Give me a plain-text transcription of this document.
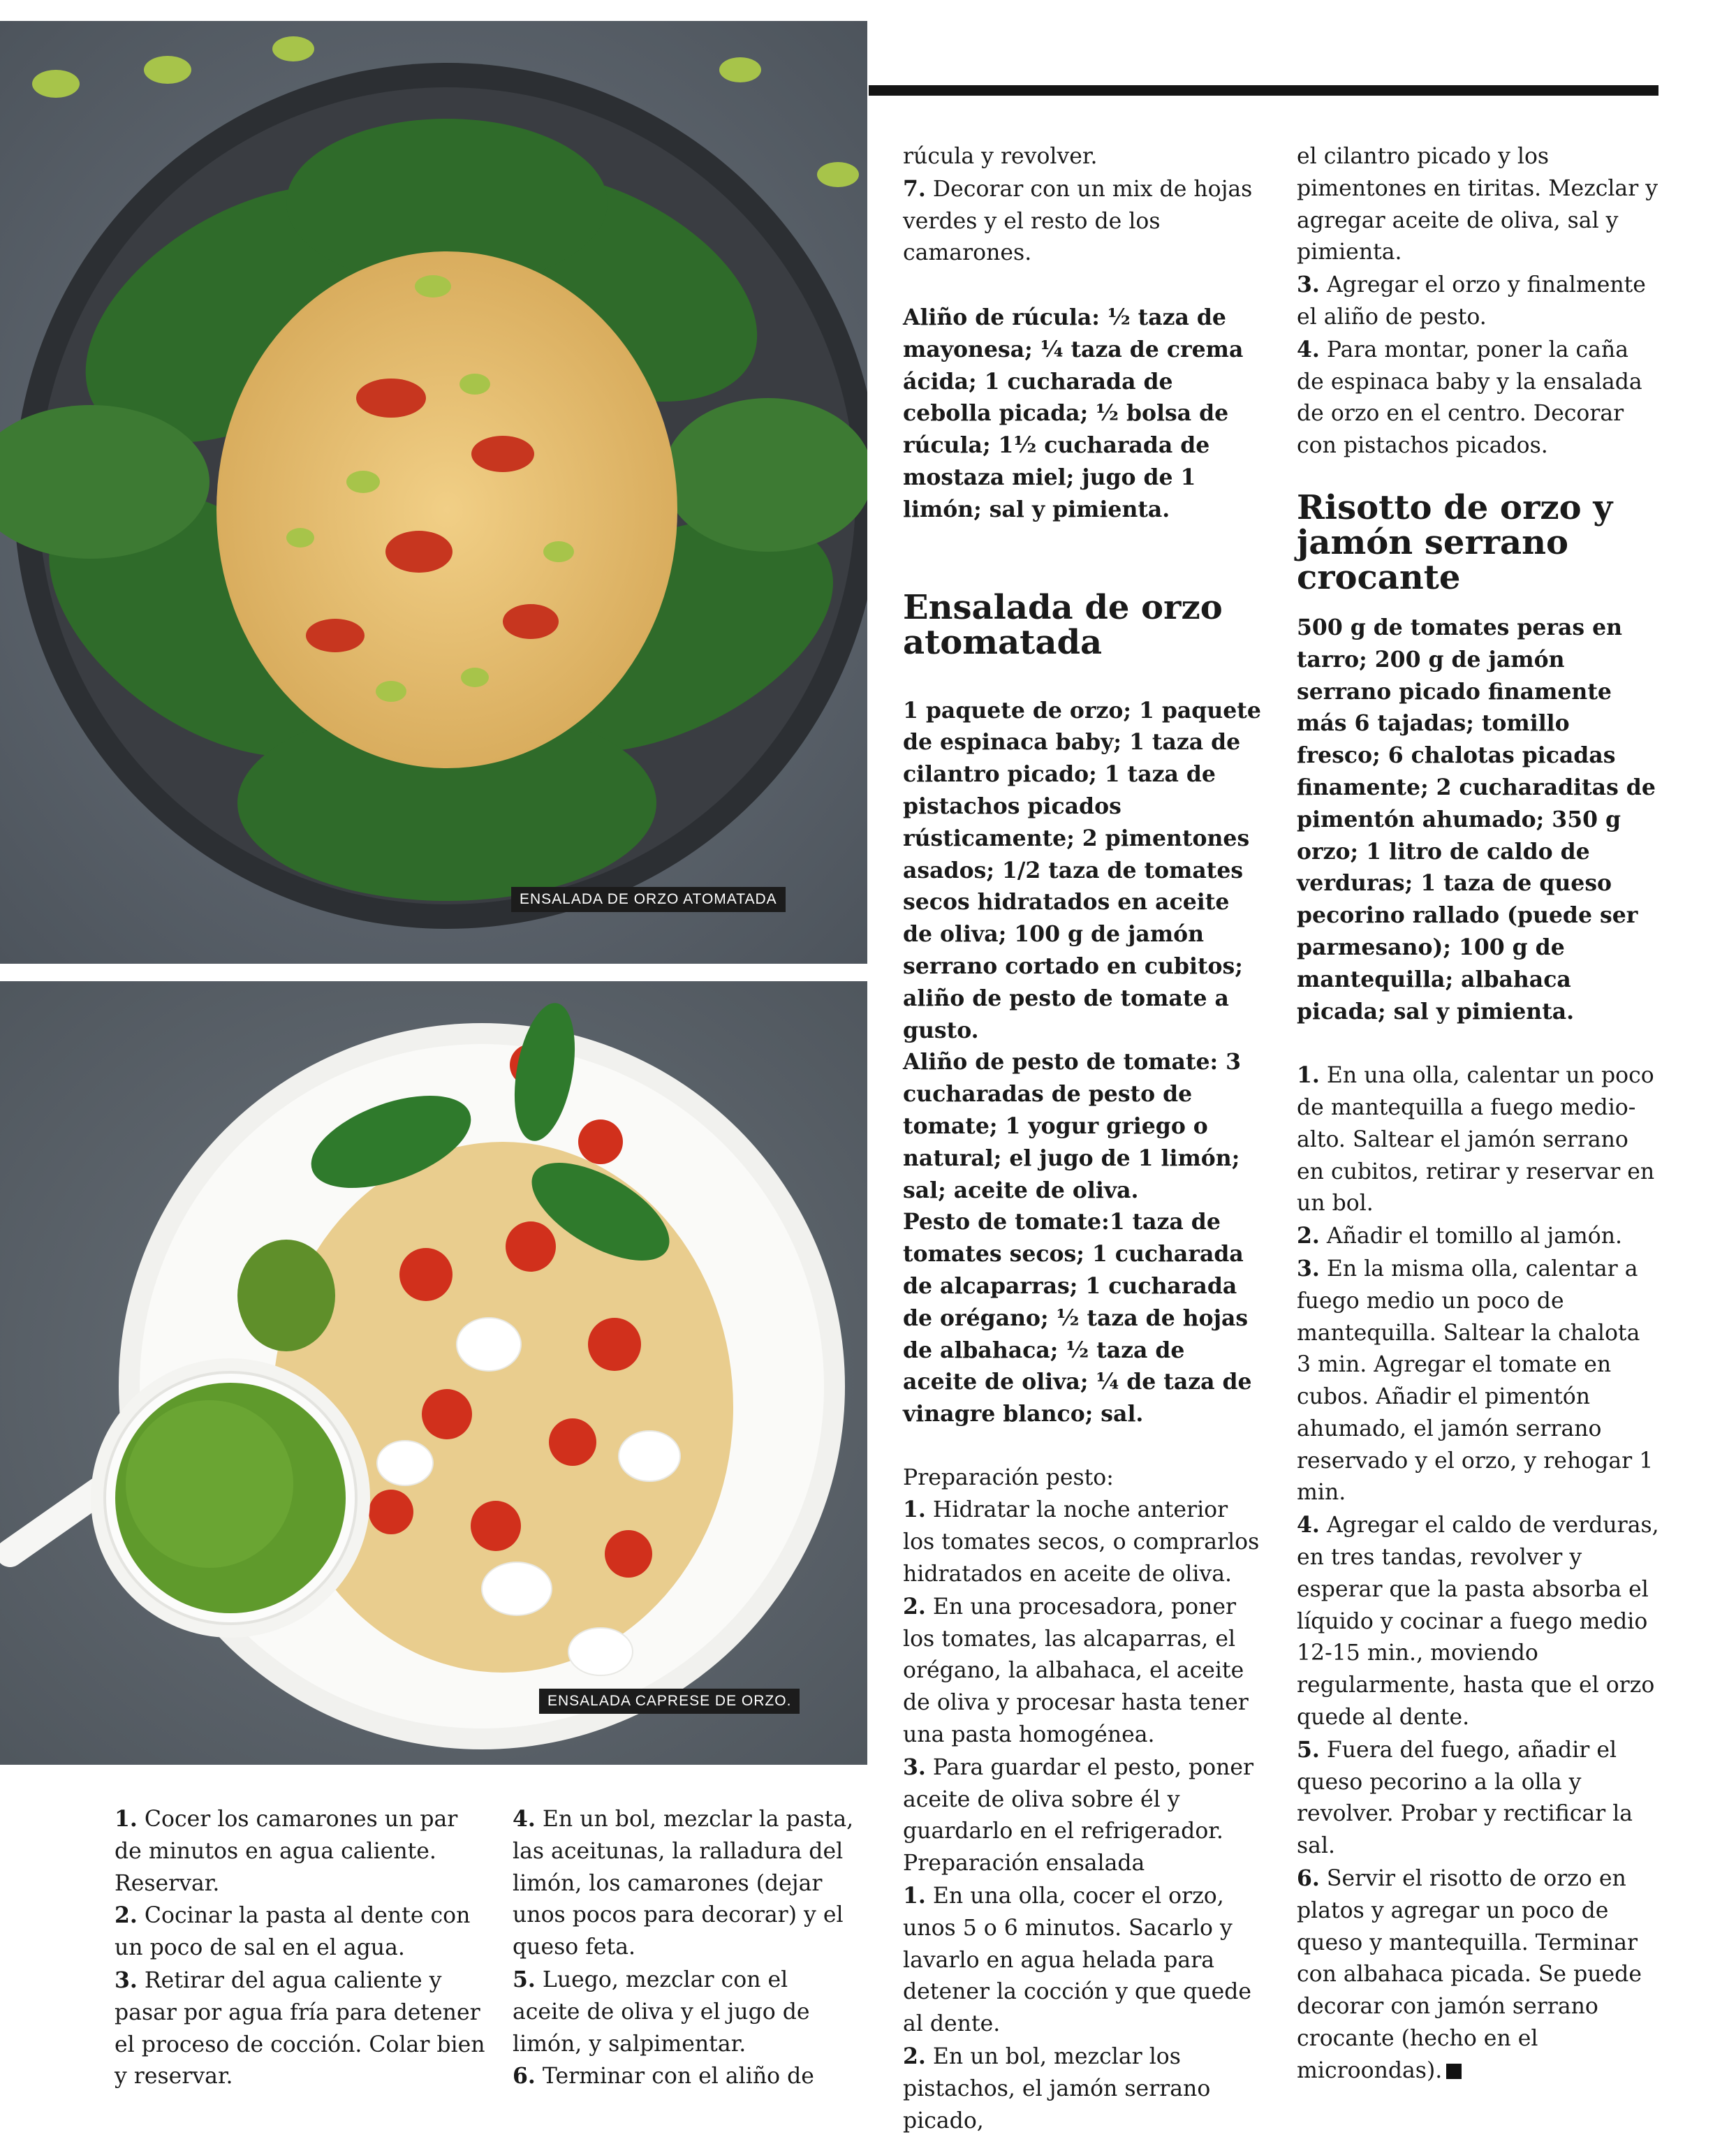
ENSALADA DE ORZO ATOMATADA
ENSALADA CAPRESE DE ORZO.

1. Cocer los camarones un par de minutos en agua caliente. Reservar.

2. Cocinar la pasta al dente con un poco de sal en el agua.

3. Retirar del agua caliente y pasar por agua fría para detener el proceso de cocción. Colar bien y reservar.

4. En un bol, mezclar la pasta, las aceitunas, la ralladura del limón, los camarones (dejar unos pocos para decorar) y el queso feta.

5. Luego, mezclar con el aceite de oliva y el jugo de limón, y salpimentar.

6. Terminar con el aliño de

rúcula y revolver.

7. Decorar con un mix de hojas verdes y el resto de los camarones.

Aliño de rúcula: ½ taza de mayonesa; ¼ taza de crema ácida; 1 cucharada de cebolla picada; ½ bolsa de rúcula; 1½ cucharada de mostaza miel; jugo de 1 limón; sal y pimienta.

Ensalada de orzo atomatada

1 paquete de orzo; 1 paquete de espinaca baby; 1 taza de cilantro picado; 1 taza de pistachos picados rústicamente; 2 pimentones asados; 1/2 taza de tomates secos hidratados en aceite de oliva; 100 g de jamón serrano cortado en cubitos; aliño de pesto de tomate a gusto.

Aliño de pesto de tomate: 3 cucharadas de pesto de tomate; 1 yogur griego o natural; el jugo de 1 limón; sal; aceite de oliva.

Pesto de tomate:1 taza de tomates secos; 1 cucharada de alcaparras; 1 cucharada de orégano; ½ taza de hojas de albahaca; ½ taza de aceite de oliva; ¼ de taza de vinagre blanco; sal.

Preparación pesto:

1. Hidratar la noche anterior los tomates secos, o comprarlos hidratados en aceite de oliva.

2. En una procesadora, poner los tomates, las alcaparras, el orégano, la albahaca, el aceite de oliva y procesar hasta tener una pasta homogénea.

3. Para guardar el pesto, poner aceite de oliva sobre él y guardarlo en el refrigerador.

Preparación ensalada

1. En una olla, cocer el orzo, unos 5 o 6 minutos. Sacarlo y lavarlo en agua helada para detener la cocción y que quede al dente.

2. En un bol, mezclar los pistachos, el jamón serrano picado,

el cilantro picado y los pimentones en tiritas. Mezclar y agregar aceite de oliva, sal y pimienta.

3. Agregar el orzo y finalmente el aliño de pesto.

4. Para montar, poner la caña de espinaca baby y la ensalada de orzo en el centro. Decorar con pistachos picados.

Risotto de orzo y jamón serrano crocante

500 g de tomates peras en tarro; 200 g de jamón serrano picado finamente más 6 tajadas; tomillo fresco; 6 chalotas picadas finamente; 2 cucharaditas de pimentón ahumado; 350 g orzo; 1 litro de caldo de verduras; 1 taza de queso pecorino rallado (puede ser parmesano); 100 g de mantequilla; albahaca picada; sal y pimienta.

1. En una olla, calentar un poco de mantequilla a fuego medio-alto. Saltear el jamón serrano en cubitos, retirar y reservar en un bol.

2. Añadir el tomillo al jamón.

3. En la misma olla, calentar a fuego medio un poco de mantequilla. Saltear la chalota 3 min. Agregar el tomate en cubos. Añadir el pimentón ahumado, el jamón serrano reservado y el orzo, y rehogar 1 min.

4. Agregar el caldo de verduras, en tres tandas, revolver y esperar que la pasta absorba el líquido y cocinar a fuego medio 12-15 min., moviendo regularmente, hasta que el orzo quede al dente.

5. Fuera del fuego, añadir el queso pecorino a la olla y revolver. Probar y rectificar la sal.

6. Servir el risotto de orzo en platos y agregar un poco de queso y mantequilla. Terminar con albahaca picada. Se puede decorar con jamón serrano crocante (hecho en el microondas).
